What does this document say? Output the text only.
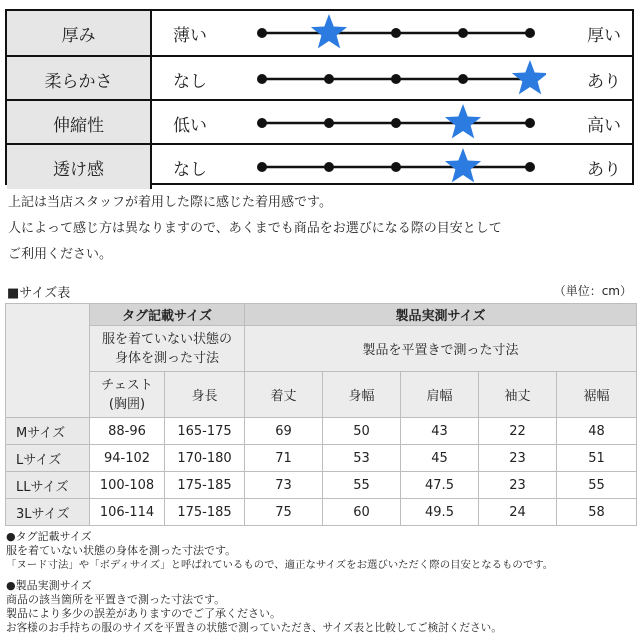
厚み	薄い	厚い
柔らかさ	なし	あり
伸縮性	低い	高い
透け感	なし	あり
上記は当店スタッフが着用した際に感じた着用感です。
人によって感じ方は異なりますので、あくまでも商品をお選びになる際の目安として
ご利用ください。
■サイズ表	（単位：cm）
	タグ記載サイズ		製品実測サイズ				
	服を着ていない状態の
身体を測った寸法		製品を平置きで測った寸法				
	チェスト
(胸囲)	身長	着丈	身幅	肩幅	袖丈	裾幅
Mサイズ	88-96	165-175	69	50	43	22	48
Lサイズ	94-102	170-180	71	53	45	23	51
LLサイズ	100-108	175-185	73	55	47.5	23	55
3Lサイズ	106-114	175-185	75	60	49.5	24	58
●タグ記載サイズ
服を着ていない状態の身体を測った寸法です。
「ヌード寸法」や「ボディサイズ」と呼ばれているもので、適正なサイズをお選びいただく際の目安となるものです。
●製品実測サイズ
商品の該当箇所を平置きで測った寸法です。
製品により多少の誤差がありますのでご了承ください。
お客様のお手持ちの服のサイズを平置きの状態で測っていただき、サイズ表と比較してご検討ください。
